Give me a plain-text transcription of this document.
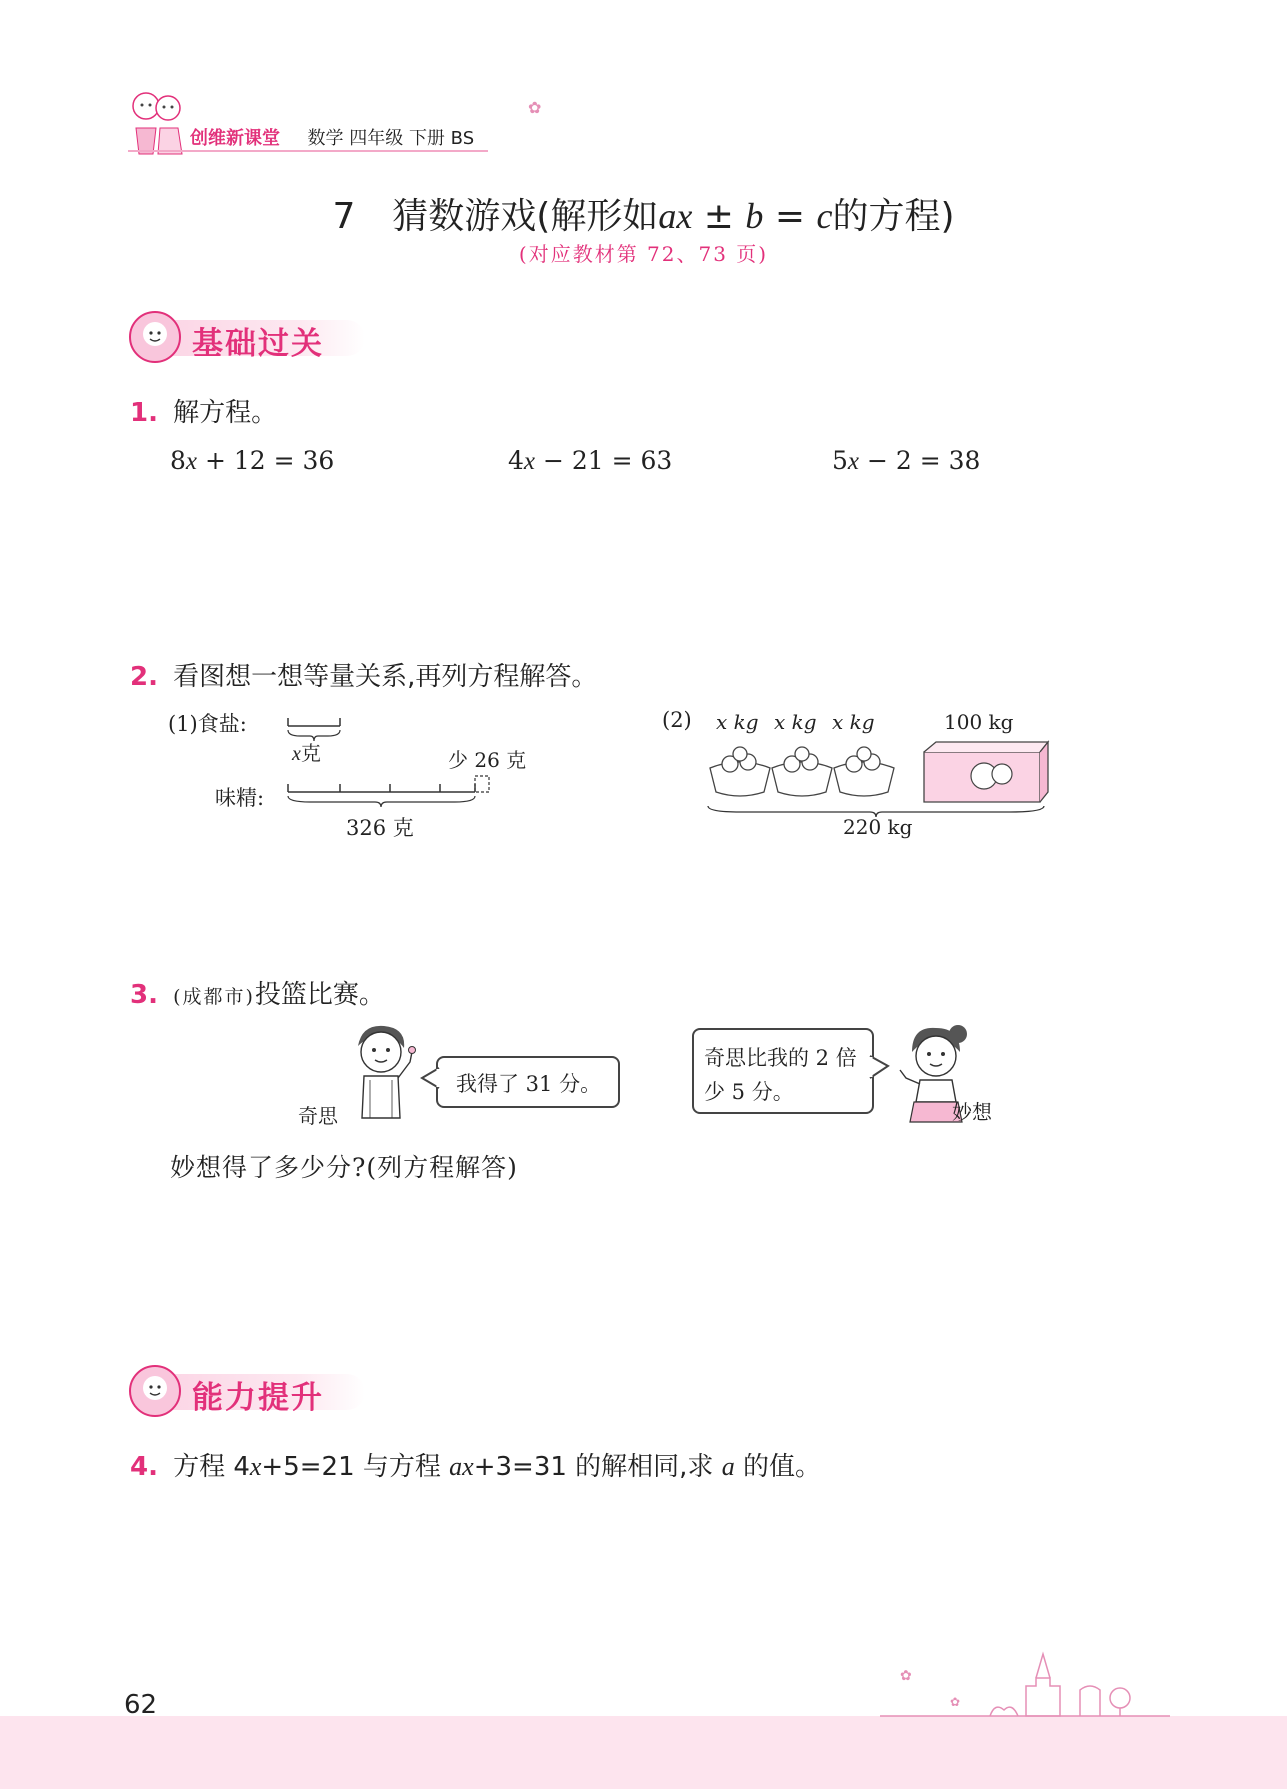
创维新课堂 数学 四年级 下册 BS
✿
7 猜数游戏(解形如ax ± b = c的方程)
(对应教材第 72、73 页)
基础过关
1. 解方程。
8x + 12 = 36	4x − 21 = 63	5x − 2 = 38
2. 看图想一想等量关系,再列方程解答。
(1)食盐:
x克	少 26 克
味精:
326 克
(2) x kg x kg x kg	100 kg
220 kg
3. (成都市)投篮比赛。
奇思
我得了 31 分。
奇思比我的 2 倍
少 5 分。
妙想
妙想得了多少分?(列方程解答)
能力提升
4. 方程 4x+5=21 与方程 ax+3=31 的解相同,求 a 的值。
62
✿
✿
